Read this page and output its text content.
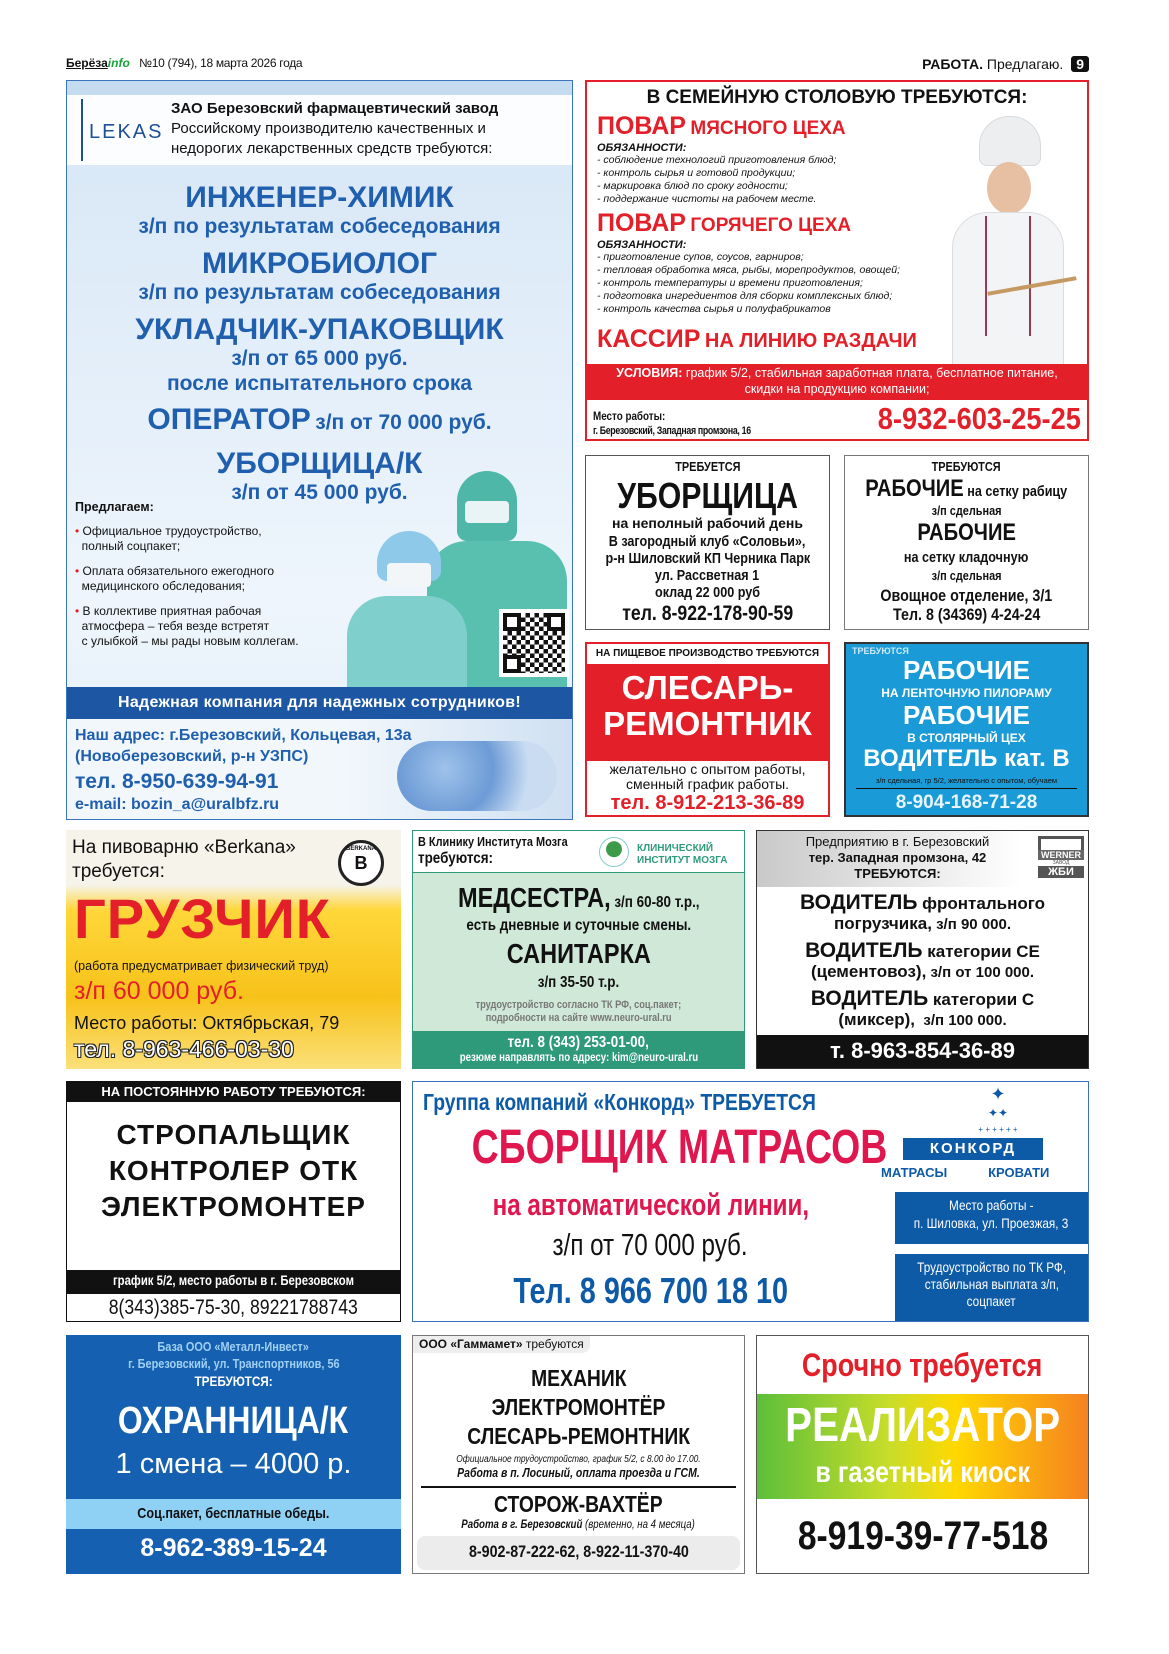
Берёзаinfo №10 (794), 18 марта 2026 года	РАБОТА. Предлагаю. 9
LEKAS
ЗАО Березовский фармацевтический завод
Российскому производителю качественных и
недорогих лекарственных средств требуются:
ИНЖЕНЕР-ХИМИК
з/п по результатам собеседования
МИКРОБИОЛОГ
з/п по результатам собеседования
УКЛАДЧИК-УПАКОВЩИК
з/п от 65 000 руб.
после испытательного срока
ОПЕРАТОР з/п от 70 000 руб.
УБОРЩИЦА/К
з/п от 45 000 руб.
Предлагаем:
• Официальное трудоустройство,
полный соцпакет;
• Оплата обязательного ежегодного
медицинского обследования;
• В коллективе приятная рабочая
атмосфера – тебя везде встретят
с улыбкой – мы рады новым коллегам.
Надежная компания для надежных сотрудников!
Наш адрес: г.Березовский, Кольцевая, 13а
(Новоберезовский, р-н УЗПС)
тел. 8-950-639-94-91
e-mail: bozin_a@uralbfz.ru
В СЕМЕЙНУЮ СТОЛОВУЮ ТРЕБУЮТСЯ:
ПОВАР МЯСНОГО ЦЕХА
ОБЯЗАННОСТИ:
- соблюдение технологий приготовления блюд;
- контроль сырья и готовой продукции;
- маркировка блюд по сроку годности;
- поддержание чистоты на рабочем месте.
ПОВАР ГОРЯЧЕГО ЦЕХА
ОБЯЗАННОСТИ:
- приготовление супов, соусов, гарниров;
- тепловая обработка мяса, рыбы, морепродуктов, овощей;
- контроль температуры и времени приготовления;
- подготовка ингредиентов для сборки комплексных блюд;
- контроль качества сырья и полуфабрикатов
КАССИР НА ЛИНИЮ РАЗДАЧИ
УСЛОВИЯ: график 5/2, стабильная заработная плата, бесплатное питание,
скидки на продукцию компании;
Место работы:
г. Березовский, Западная промзона, 16	8-932-603-25-25
ТРЕБУЕТСЯ
УБОРЩИЦА
на неполный рабочий день
В загородный клуб «Соловьи»,
р-н Шиловский КП Черника Парк
ул. Рассветная 1
оклад 22 000 руб
тел. 8-922-178-90-59
ТРЕБУЮТСЯ
РАБОЧИЕ на сетку рабицу
з/п сдельная
РАБОЧИЕ
на сетку кладочную
з/п сдельная
Овощное отделение, 3/1
Тел. 8 (34369) 4-24-24
НА ПИЩЕВОЕ ПРОИЗВОДСТВО ТРЕБУЮТСЯ
СЛЕСАРЬ-
РЕМОНТНИК
желательно с опытом работы,
сменный график работы.
тел. 8-912-213-36-89
ТРЕБУЮТСЯ
РАБОЧИЕ
НА ЛЕНТОЧНУЮ ПИЛОРАМУ
РАБОЧИЕ
В СТОЛЯРНЫЙ ЦЕХ
ВОДИТЕЛЬ кат. В
з/п сдельная, гр 5/2, желательно с опытом, обучаем
8-904-168-71-28
На пивоварню «Berkana»
требуется:
BERKANA
B
ГРУЗЧИК
(работа предусматривает физический труд)
з/п 60 000 руб.
Место работы: Октябрьская, 79
тел. 8-963-466-03-30
В Клинику Института Мозга
требуются:
КЛИНИЧЕСКИЙ
ИНСТИТУТ МОЗГА
МЕДСЕСТРА, з/п 60-80 т.р.,
есть дневные и суточные смены.
САНИТАРКА
з/п 35-50 т.р.
трудоустройство согласно ТК РФ, соц.пакет;
подробности на сайте www.neuro-ural.ru
тел. 8 (343) 253-01-00,
резюме направлять по адресу: kim@neuro-ural.ru
Предприятию в г. Березовский
тер. Западная промзона, 42
ТРЕБУЮТСЯ:
WERNER
ЗАВОД
ЖБИ
ВОДИТЕЛЬ фронтального
погрузчика, з/п 90 000.
ВОДИТЕЛЬ категории CE
(цементовоз), з/п от 100 000.
ВОДИТЕЛЬ категории С
(миксер),  з/п 100 000.
т. 8-963-854-36-89
НА ПОСТОЯННУЮ РАБОТУ ТРЕБУЮТСЯ:
СТРОПАЛЬЩИК
КОНТРОЛЕР ОТК
ЭЛЕКТРОМОНТЕР
график 5/2, место работы в г. Березовском
8(343)385-75-30, 89221788743
Группа компаний «Конкорд» ТРЕБУЕТСЯ
СБОРЩИК МАТРАСОВ
на автоматической линии,
з/п от 70 000 руб.
Тел. 8 966 700 18 10
✦
✦✦
+ + + + + +
КОНКОРД
МАТРАСЫ	КРОВАТИ
Место работы -
п. Шиловка, ул. Проезжая, 3
Трудоустройство по ТК РФ,
стабильная выплата з/п,
соцпакет
База ООО «Металл-Инвест»
г. Березовский, ул. Транспортников, 56
ТРЕБУЮТСЯ:
ОХРАННИЦА/К
1 смена – 4000 р.
Соц.пакет, бесплатные обеды.
8-962-389-15-24
ООО «Гаммамет» требуются
МЕХАНИК
ЭЛЕКТРОМОНТЁР
СЛЕСАРЬ-РЕМОНТНИК
Официальное трудоустройство, график 5/2, с 8.00 до 17.00.
Работа в п. Лосиный, оплата проезда и ГСМ.
СТОРОЖ-ВАХТЁР
Работа в г. Березовский (временно, на 4 месяца)
8-902-87-222-62, 8-922-11-370-40
Срочно требуется
РЕАЛИЗАТОР
в газетный киоск
8-919-39-77-518
